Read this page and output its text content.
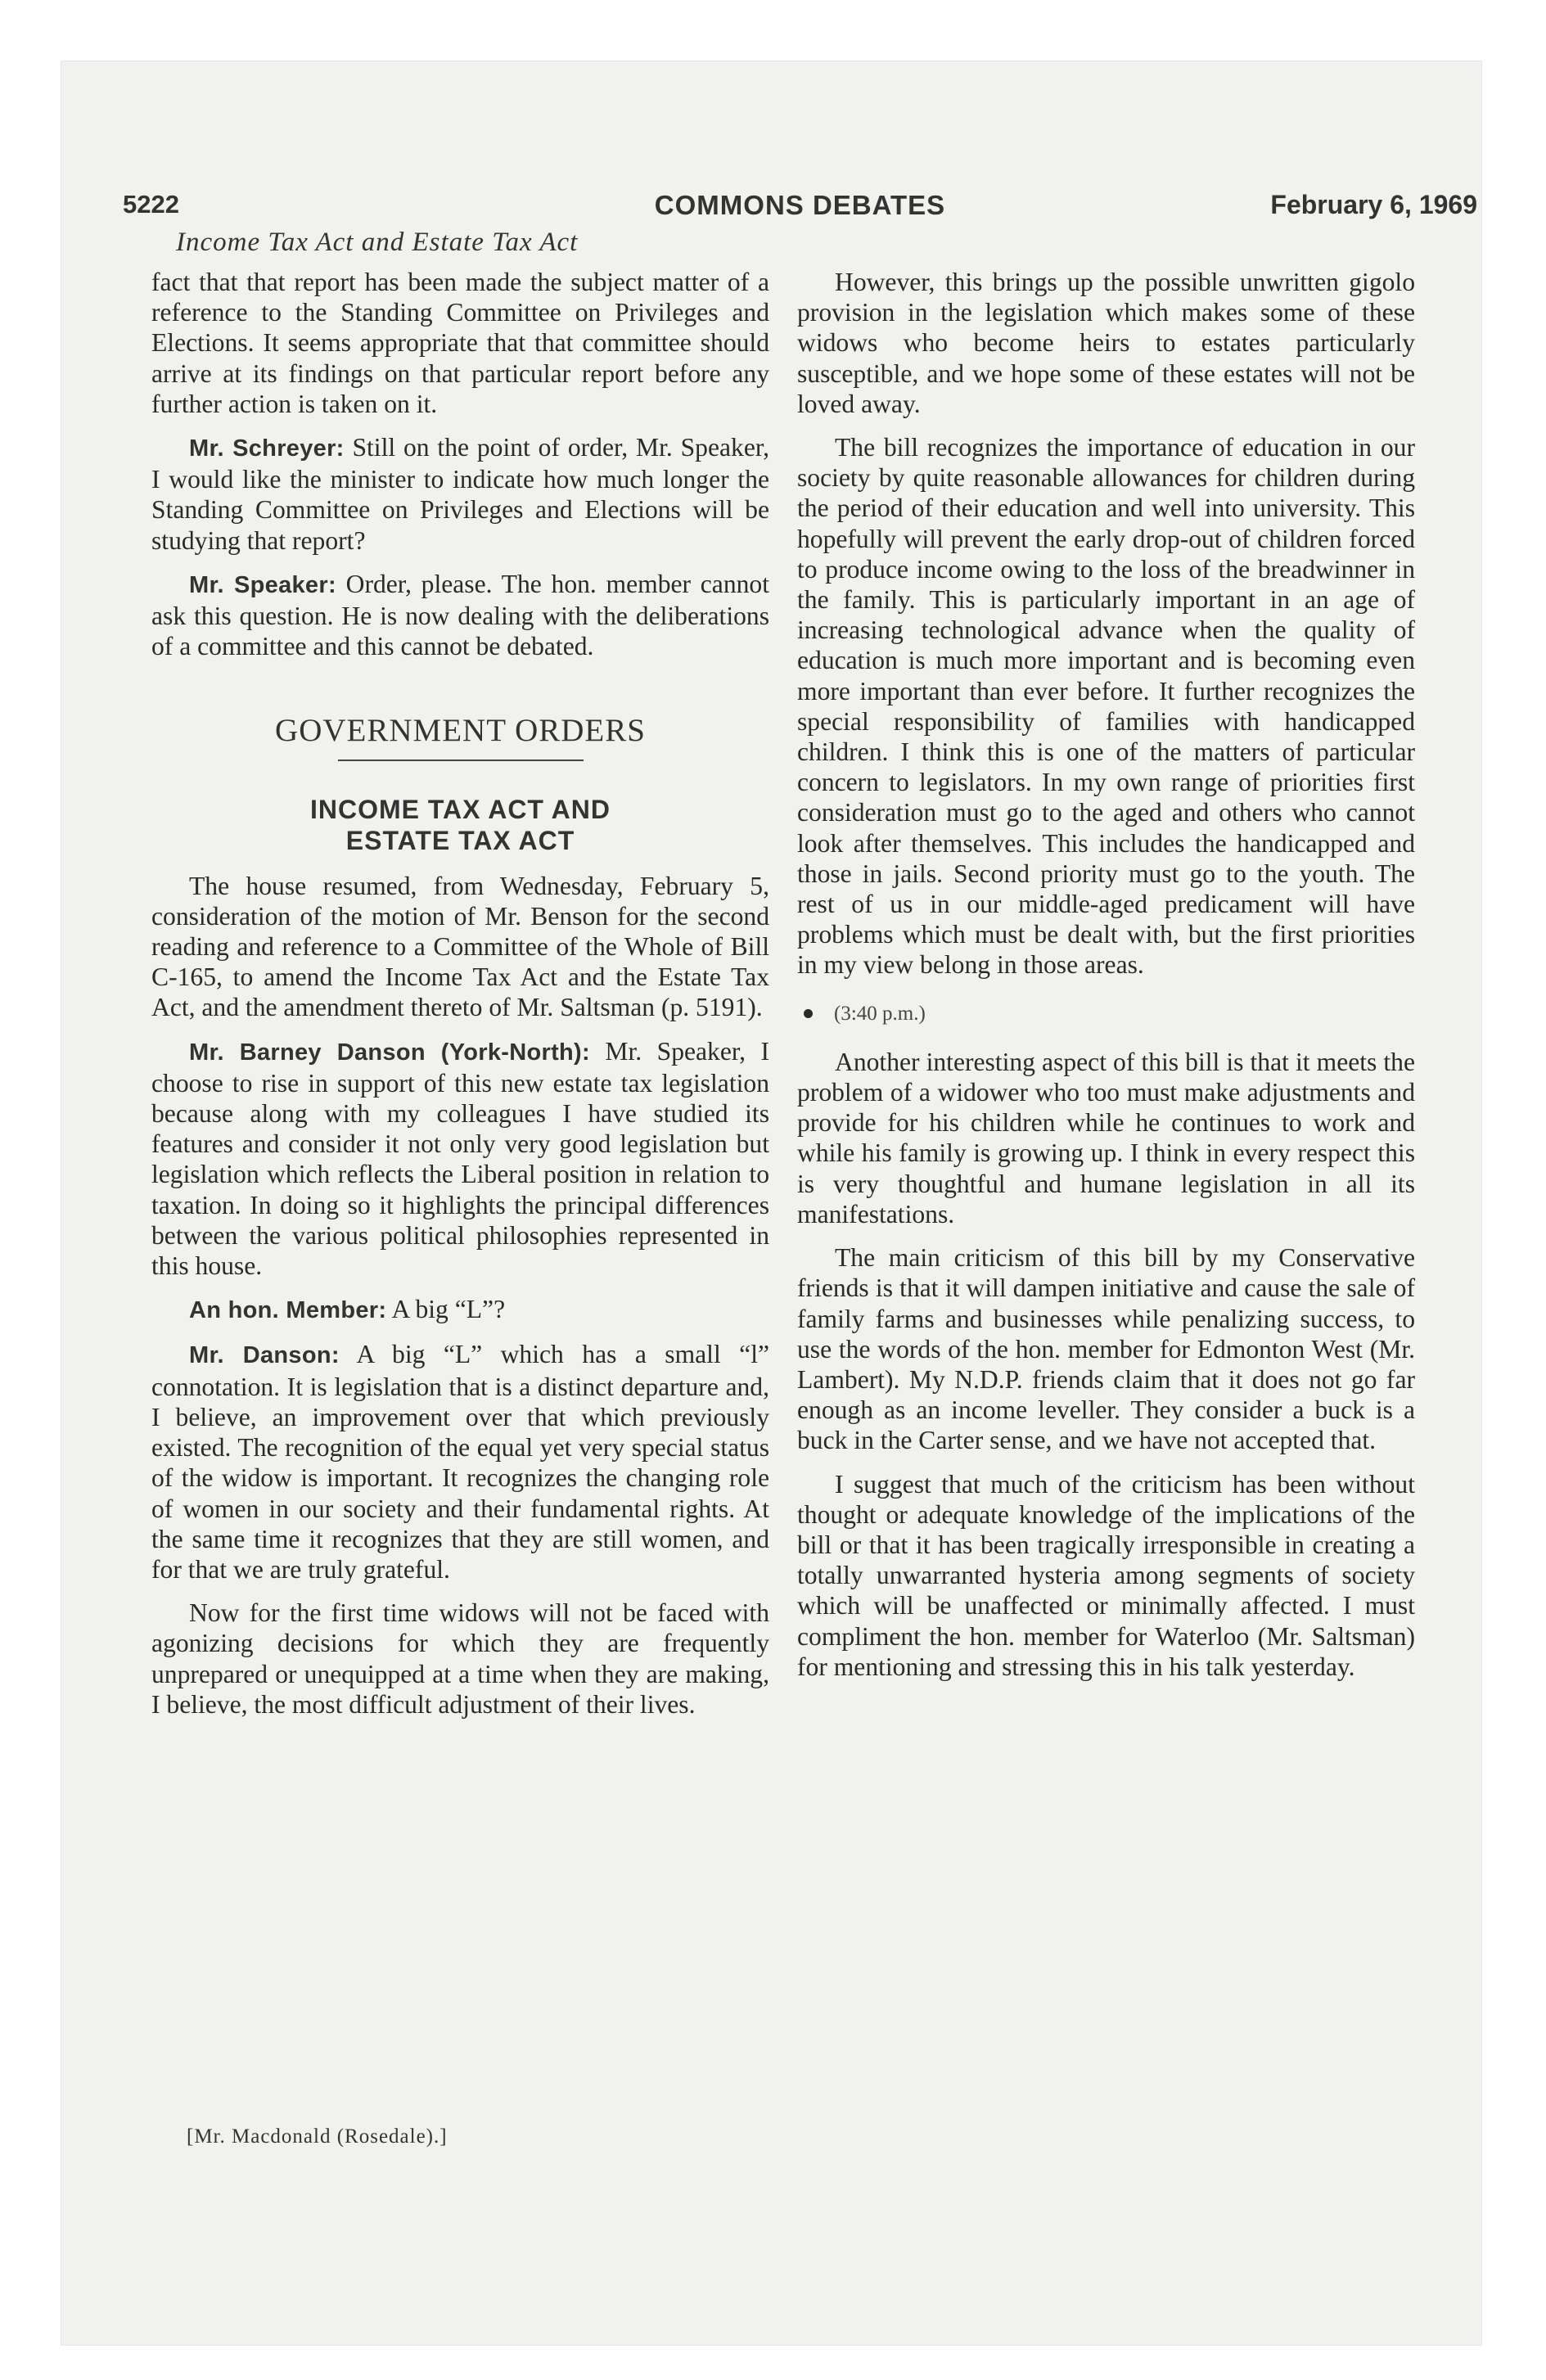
5222	COMMONS DEBATES	February 6, 1969
Income Tax Act and Estate Tax Act

fact that that report has been made the subject matter of a reference to the Standing Committee on Privileges and Elections. It seems appropriate that that committee should arrive at its findings on that particular report before any further action is taken on it.

Mr. Schreyer: Still on the point of order, Mr. Speaker, I would like the minister to indicate how much longer the Standing Committee on Privileges and Elections will be studying that report?

Mr. Speaker: Order, please. The hon. member cannot ask this question. He is now dealing with the deliberations of a committee and this cannot be debated.

GOVERNMENT ORDERS
INCOME TAX ACT AND
ESTATE TAX ACT

The house resumed, from Wednesday, February 5, consideration of the motion of Mr. Benson for the second reading and reference to a Committee of the Whole of Bill C-165, to amend the Income Tax Act and the Estate Tax Act, and the amendment thereto of Mr. Saltsman (p. 5191).

Mr. Barney Danson (York-North): Mr. Speaker, I choose to rise in support of this new estate tax legislation because along with my colleagues I have studied its features and consider it not only very good legislation but legislation which reflects the Liberal position in relation to taxation. In doing so it highlights the principal differences between the various political philosophies represented in this house.

An hon. Member: A big “L”?

Mr. Danson: A big “L” which has a small “l” connotation. It is legislation that is a distinct departure and, I believe, an improvement over that which previously existed. The recognition of the equal yet very special status of the widow is important. It recognizes the changing role of women in our society and their fundamental rights. At the same time it recognizes that they are still women, and for that we are truly grateful.

Now for the first time widows will not be faced with agonizing decisions for which they are frequently unprepared or unequipped at a time when they are making, I believe, the most difficult adjustment of their lives.

[Mr. Macdonald (Rosedale).]

However, this brings up the possible unwritten gigolo provision in the legislation which makes some of these widows who become heirs to estates particularly susceptible, and we hope some of these estates will not be loved away.

The bill recognizes the importance of education in our society by quite reasonable allowances for children during the period of their education and well into university. This hopefully will prevent the early drop-out of children forced to produce income owing to the loss of the breadwinner in the family. This is particularly important in an age of increasing technological advance when the quality of education is much more important and is becoming even more important than ever before. It further recognizes the special responsibility of families with handicapped children. I think this is one of the matters of particular concern to legislators. In my own range of priorities first consideration must go to the aged and others who cannot look after themselves. This includes the handicapped and those in jails. Second priority must go to the youth. The rest of us in our middle-aged predicament will have problems which must be dealt with, but the first priorities in my view belong in those areas.

(3:40 p.m.)

Another interesting aspect of this bill is that it meets the problem of a widower who too must make adjustments and provide for his children while he continues to work and while his family is growing up. I think in every respect this is very thoughtful and humane legislation in all its manifestations.

The main criticism of this bill by my Conservative friends is that it will dampen initiative and cause the sale of family farms and businesses while penalizing success, to use the words of the hon. member for Edmonton West (Mr. Lambert). My N.D.P. friends claim that it does not go far enough as an income leveller. They consider a buck is a buck in the Carter sense, and we have not accepted that.

I suggest that much of the criticism has been without thought or adequate knowledge of the implications of the bill or that it has been tragically irresponsible in creating a totally unwarranted hysteria among segments of society which will be unaffected or minimally affected. I must compliment the hon. member for Waterloo (Mr. Saltsman) for mentioning and stressing this in his talk yesterday.
